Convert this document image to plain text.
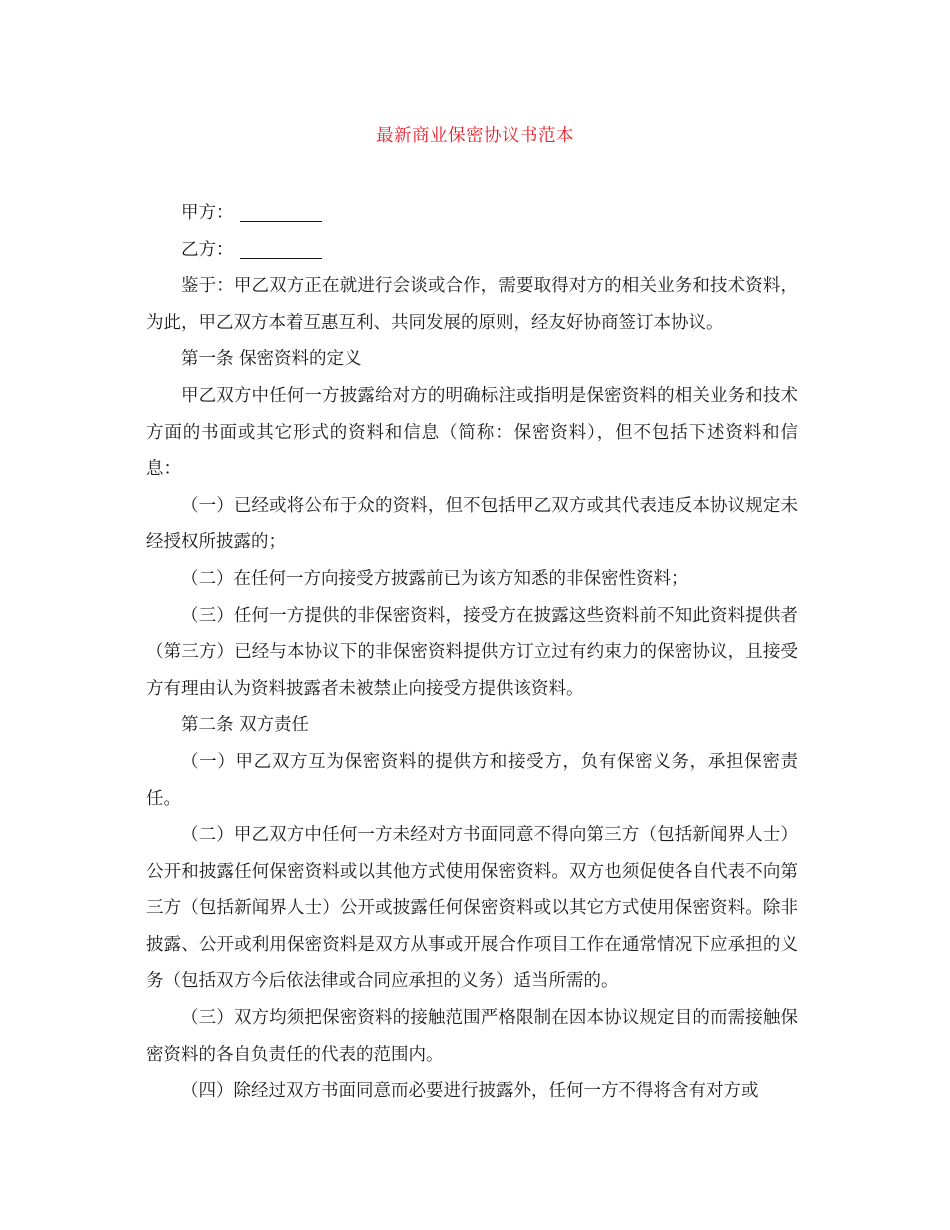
最新商业保密协议书范本

甲方：

乙方：

鉴于：甲乙双方正在就进行会谈或合作，需要取得对方的相关业务和技术资料，为此，甲乙双方本着互惠互利、共同发展的原则，经友好协商签订本协议。

第一条 保密资料的定义

甲乙双方中任何一方披露给对方的明确标注或指明是保密资料的相关业务和技术方面的书面或其它形式的资料和信息（简称：保密资料），但不包括下述资料和信息：

（一）已经或将公布于众的资料，但不包括甲乙双方或其代表违反本协议规定未经授权所披露的；

（二）在任何一方向接受方披露前已为该方知悉的非保密性资料；

（三）任何一方提供的非保密资料，接受方在披露这些资料前不知此资料提供者（第三方）已经与本协议下的非保密资料提供方订立过有约束力的保密协议，且接受方有理由认为资料披露者未被禁止向接受方提供该资料。

第二条 双方责任

（一）甲乙双方互为保密资料的提供方和接受方，负有保密义务，承担保密责任。

（二）甲乙双方中任何一方未经对方书面同意不得向第三方（包括新闻界人士）公开和披露任何保密资料或以其他方式使用保密资料。双方也须促使各自代表不向第三方（包括新闻界人士）公开或披露任何保密资料或以其它方式使用保密资料。除非披露、公开或利用保密资料是双方从事或开展合作项目工作在通常情况下应承担的义务（包括双方今后依法律或合同应承担的义务）适当所需的。

（三）双方均须把保密资料的接触范围严格限制在因本协议规定目的而需接触保密资料的各自负责任的代表的范围内。

（四）除经过双方书面同意而必要进行披露外，任何一方不得将含有对方或
